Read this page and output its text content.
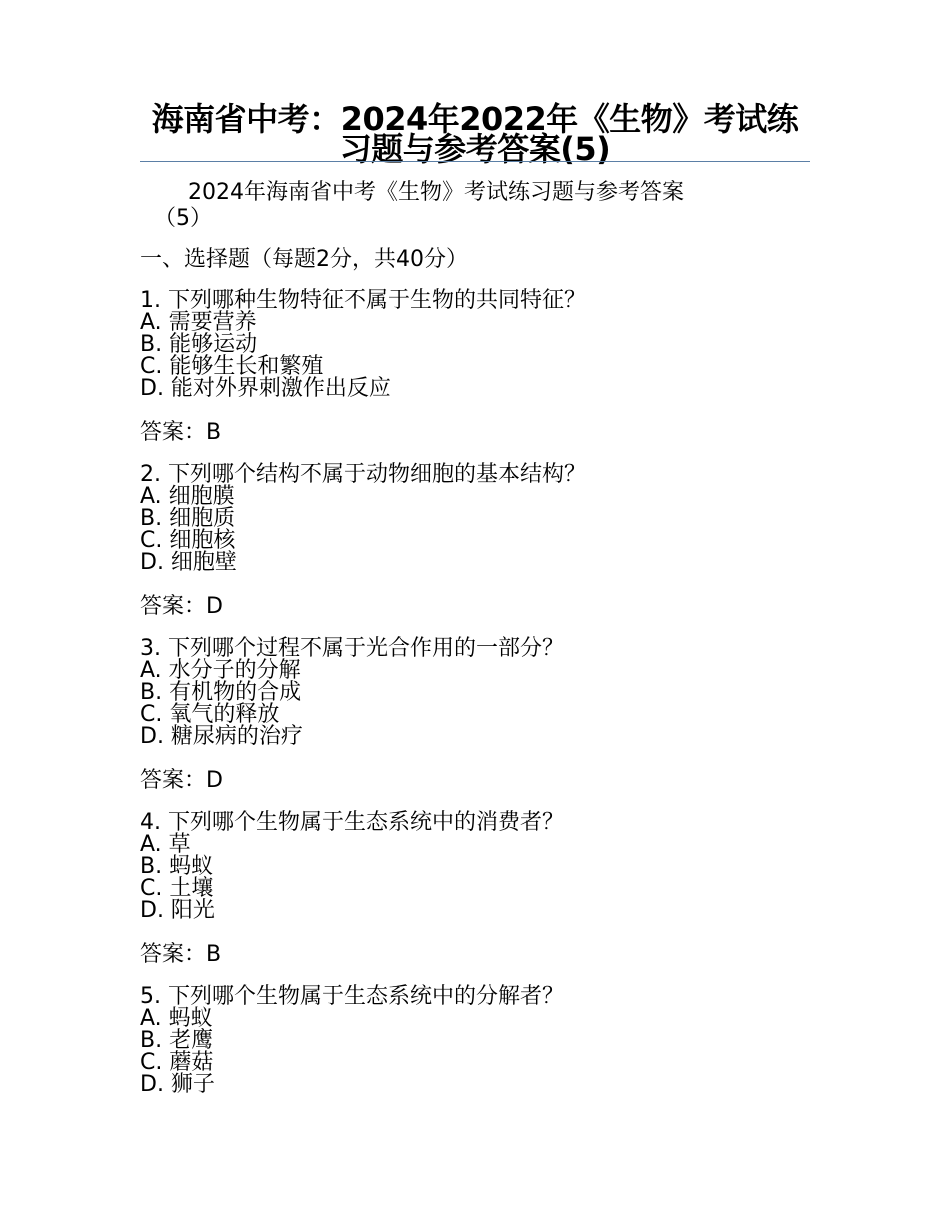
海南省中考：2024年2022年《生物》考试练习题与参考答案(5)
2024年海南省中考《生物》考试练习题与参考答案
（5）
一、选择题（每题2分，共40分）
1. 下列哪种生物特征不属于生物的共同特征？
A. 需要营养
B. 能够运动
C. 能够生长和繁殖
D. 能对外界刺激作出反应
答案：B
2. 下列哪个结构不属于动物细胞的基本结构？
A. 细胞膜
B. 细胞质
C. 细胞核
D. 细胞壁
答案：D
3. 下列哪个过程不属于光合作用的一部分？
A. 水分子的分解
B. 有机物的合成
C. 氧气的释放
D. 糖尿病的治疗
答案：D
4. 下列哪个生物属于生态系统中的消费者？
A. 草
B. 蚂蚁
C. 土壤
D. 阳光
答案：B
5. 下列哪个生物属于生态系统中的分解者？
A. 蚂蚁
B. 老鹰
C. 蘑菇
D. 狮子
